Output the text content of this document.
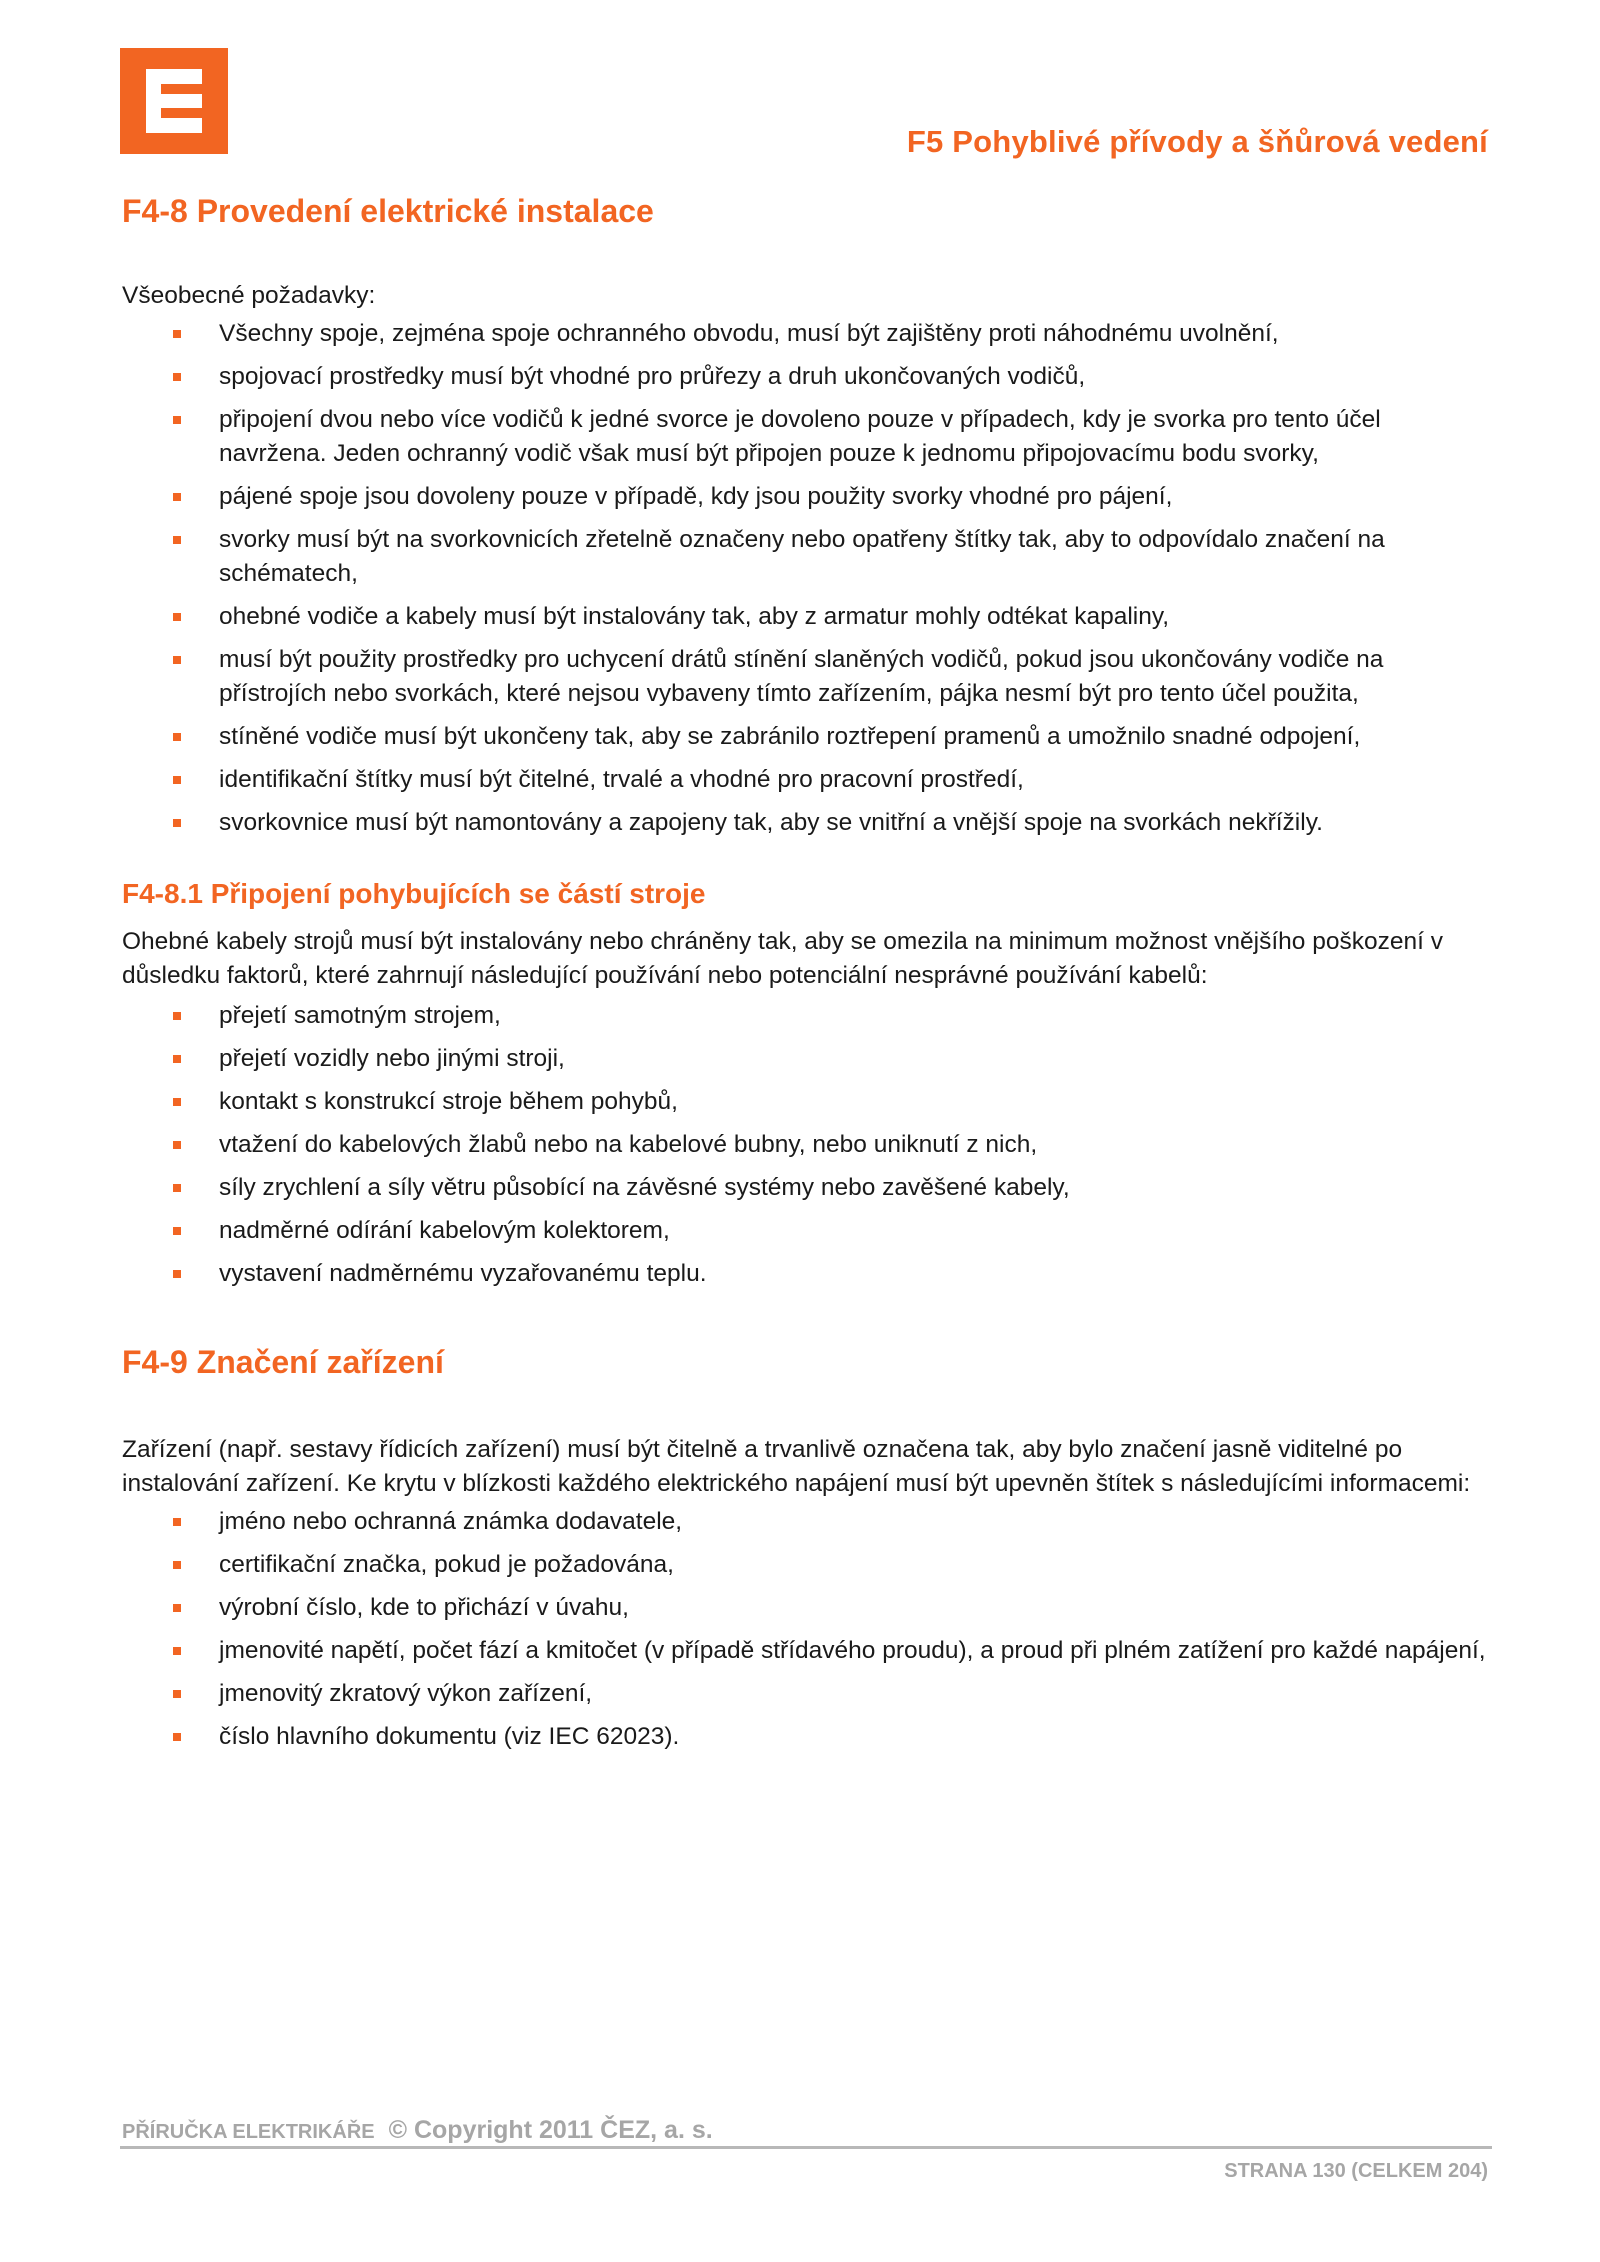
F5 Pohyblivé přívody a šňůrová vedení
F4-8 Provedení elektrické instalace

Všeobecné požadavky:

Všechny spoje, zejména spoje ochranného obvodu, musí být zajištěny proti náhodnému uvolnění,
spojovací prostředky musí být vhodné pro průřezy a druh ukončovaných vodičů,
připojení dvou nebo více vodičů k jedné svorce je dovoleno pouze v případech, kdy je svorka pro tento účel navržena. Jeden ochranný vodič však musí být připojen pouze k jednomu připojovacímu bodu svorky,
pájené spoje jsou dovoleny pouze v případě, kdy jsou použity svorky vhodné pro pájení,
svorky musí být na svorkovnicích zřetelně označeny nebo opatřeny štítky tak, aby to odpovídalo značení na schématech,
ohebné vodiče a kabely musí být instalovány tak, aby z armatur mohly odtékat kapaliny,
musí být použity prostředky pro uchycení drátů stínění slaněných vodičů, pokud jsou ukončovány vodiče na přístrojích nebo svorkách, které nejsou vybaveny tímto zařízením, pájka nesmí být pro tento účel použita,
stíněné vodiče musí být ukončeny tak, aby se zabránilo roztřepení pramenů a umožnilo snadné odpojení,
identifikační štítky musí být čitelné, trvalé a vhodné pro pracovní prostředí,
svorkovnice musí být namontovány a zapojeny tak, aby se vnitřní a vnější spoje na svorkách nekřížily.
F4-8.1 Připojení pohybujících se částí stroje

Ohebné kabely strojů musí být instalovány nebo chráněny tak, aby se omezila na minimum možnost vnějšího poškození v důsledku faktorů, které zahrnují následující používání nebo potenciální nesprávné používání kabelů:

přejetí samotným strojem,
přejetí vozidly nebo jinými stroji,
kontakt s konstrukcí stroje během pohybů,
vtažení do kabelových žlabů nebo na kabelové bubny, nebo uniknutí z nich,
síly zrychlení a síly větru působící na závěsné systémy nebo zavěšené kabely,
nadměrné odírání kabelovým kolektorem,
vystavení nadměrnému vyzařovanému teplu.
F4-9 Značení zařízení

Zařízení (např. sestavy řídicích zařízení) musí být čitelně a trvanlivě označena tak, aby bylo značení jasně viditelné po instalování zařízení. Ke krytu v blízkosti každého elektrického napájení musí být upevněn štítek s následujícími informacemi:

jméno nebo ochranná známka dodavatele,
certifikační značka, pokud je požadována,
výrobní číslo, kde to přichází v úvahu,
jmenovité napětí, počet fází a kmitočet (v případě střídavého proudu), a proud při plném zatížení pro každé napájení,
jmenovitý zkratový výkon zařízení,
číslo hlavního dokumentu (viz IEC 62023).
PŘÍRUČKA ELEKTRIKÁŘE © Copyright 2011 ČEZ, a. s.
STRANA 130 (CELKEM 204)
